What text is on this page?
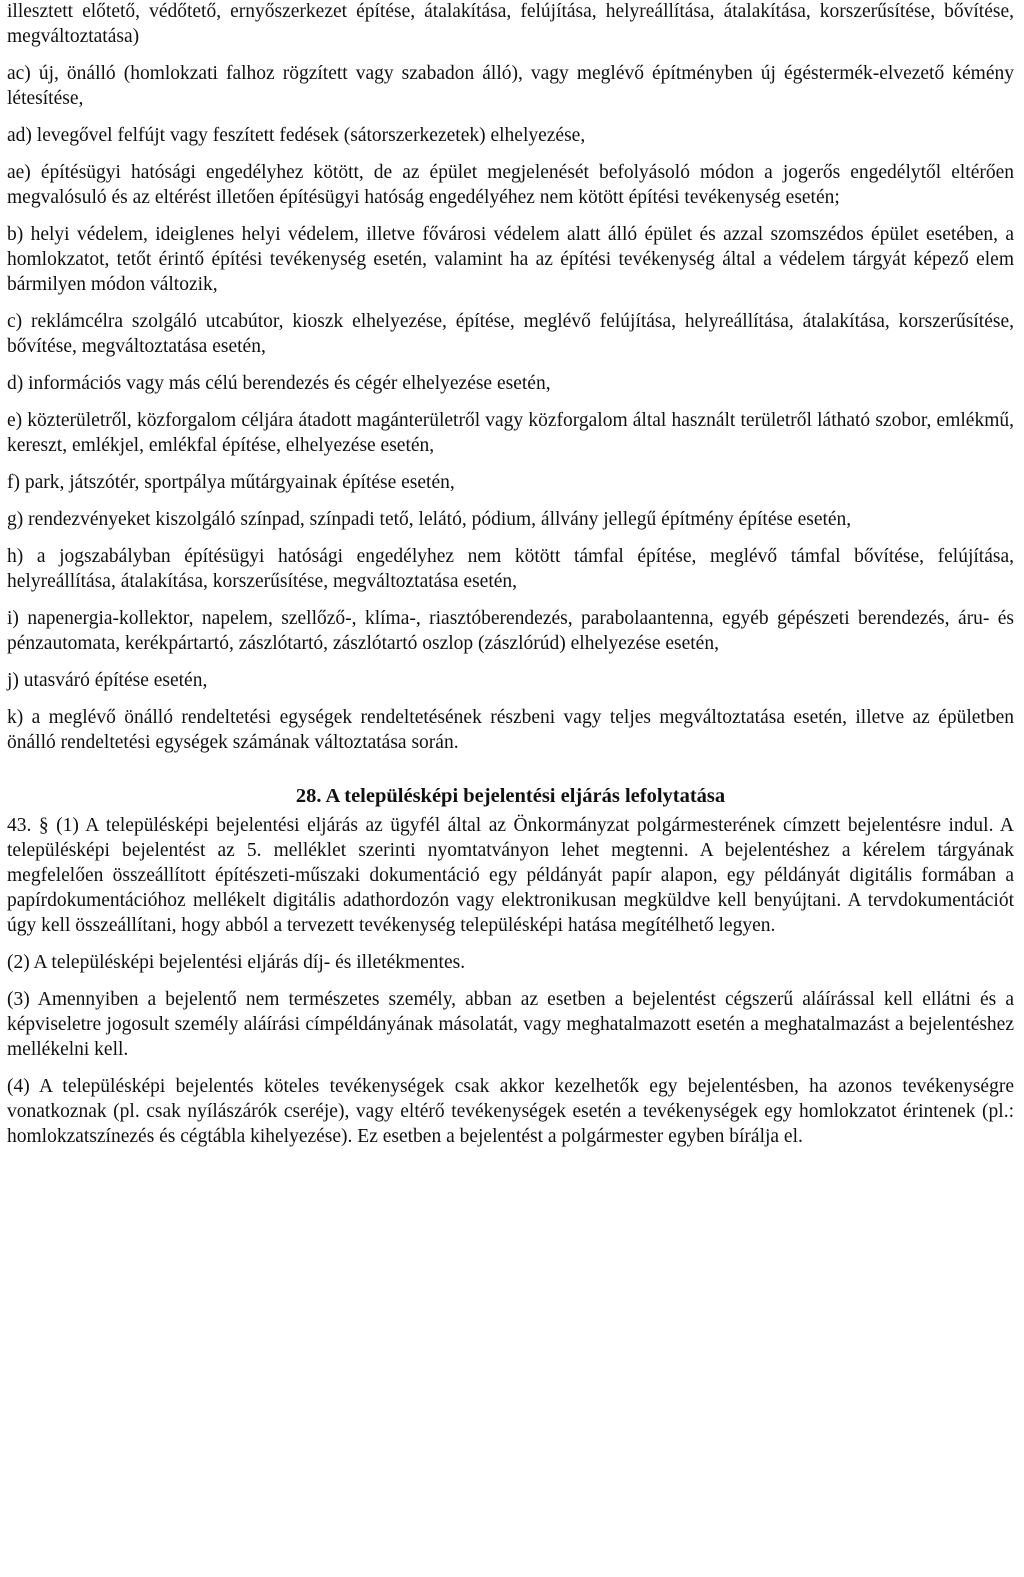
illesztett előtető, védőtető, ernyőszerkezet építése, átalakítása, felújítása, helyreállítása, átalakítása, korszerűsítése, bővítése, megváltoztatása)

ac) új, önálló (homlokzati falhoz rögzített vagy szabadon álló), vagy meglévő építményben új égéstermék-elvezető kémény létesítése,

ad) levegővel felfújt vagy feszített fedések (sátorszerkezetek) elhelyezése,

ae) építésügyi hatósági engedélyhez kötött, de az épület megjelenését befolyásoló módon a jogerős engedélytől eltérően megvalósuló és az eltérést illetően építésügyi hatóság engedélyéhez nem kötött építési tevékenység esetén;

b) helyi védelem, ideiglenes helyi védelem, illetve fővárosi védelem alatt álló épület és azzal szomszédos épület esetében, a homlokzatot, tetőt érintő építési tevékenység esetén, valamint ha az építési tevékenység által a védelem tárgyát képező elem bármilyen módon változik,

c) reklámcélra szolgáló utcabútor, kioszk elhelyezése, építése, meglévő felújítása, helyreállítása, átalakítása, korszerűsítése, bővítése, megváltoztatása esetén,

d) információs vagy más célú berendezés és cégér elhelyezése esetén,

e) közterületről, közforgalom céljára átadott magánterületről vagy közforgalom által használt területről látható szobor, emlékmű, kereszt, emlékjel, emlékfal építése, elhelyezése esetén,

f) park, játszótér, sportpálya műtárgyainak építése esetén,

g) rendezvényeket kiszolgáló színpad, színpadi tető, lelátó, pódium, állvány jellegű építmény építése esetén,

h) a jogszabályban építésügyi hatósági engedélyhez nem kötött támfal építése, meglévő támfal bővítése, felújítása, helyreállítása, átalakítása, korszerűsítése, megváltoztatása esetén,

i) napenergia-kollektor, napelem, szellőző-, klíma-, riasztóberendezés, parabolaantenna, egyéb gépészeti berendezés, áru- és pénzautomata, kerékpártartó, zászlótartó, zászlótartó oszlop (zászlórúd) elhelyezése esetén,

j) utasváró építése esetén,

k) a meglévő önálló rendeltetési egységek rendeltetésének részbeni vagy teljes megváltoztatása esetén, illetve az épületben önálló rendeltetési egységek számának változtatása során.

28. A településképi bejelentési eljárás lefolytatása

43. § (1) A településképi bejelentési eljárás az ügyfél által az Önkormányzat polgármesterének címzett bejelentésre indul. A településképi bejelentést az 5. melléklet szerinti nyomtatványon lehet megtenni. A bejelentéshez a kérelem tárgyának megfelelően összeállított építészeti-műszaki dokumentáció egy példányát papír alapon, egy példányát digitális formában a papírdokumentációhoz mellékelt digitális adathordozón vagy elektronikusan megküldve kell benyújtani. A tervdokumentációt úgy kell összeállítani, hogy abból a tervezett tevékenység településképi hatása megítélhető legyen.

(2) A településképi bejelentési eljárás díj- és illetékmentes.

(3) Amennyiben a bejelentő nem természetes személy, abban az esetben a bejelentést cégszerű aláírással kell ellátni és a képviseletre jogosult személy aláírási címpéldányának másolatát, vagy meghatalmazott esetén a meghatalmazást a bejelentéshez mellékelni kell.

(4) A településképi bejelentés köteles tevékenységek csak akkor kezelhetők egy bejelentésben, ha azonos tevékenységre vonatkoznak (pl. csak nyílászárók cseréje), vagy eltérő tevékenységek esetén a tevékenységek egy homlokzatot érintenek (pl.: homlokzatszínezés és cégtábla kihelyezése). Ez esetben a bejelentést a polgármester egyben bírálja el.
